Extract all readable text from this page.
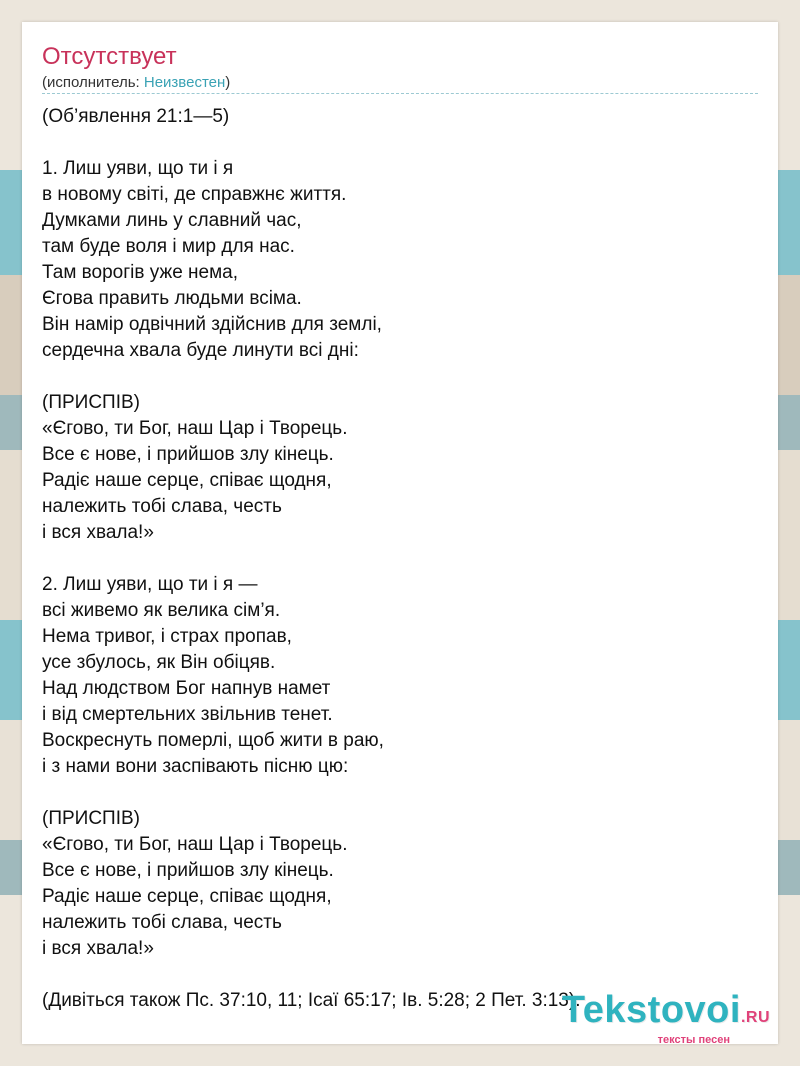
Отсутствует
(исполнитель: Неизвестен)

(Об’явлення 21:1—5)

1. Лиш уяви, що ти і я
в новому світі, де справжнє життя.
Думками линь у славний час,
там буде воля і мир для нас.
Там ворогів уже нема,
Єгова править людьми всіма.
Він намір одвічний здійснив для землі,
сердечна хвала буде линути всі дні:

(ПРИСПІВ)
«Єгово, ти Бог, наш Цар і Творець.
Все є нове, і прийшов злу кінець.
Радіє наше серце, співає щодня,
належить тобі слава, честь
і вся хвала!»

2. Лиш уяви, що ти і я —
всі живемо як велика сім’я.
Нема тривог, і страх пропав,
усе збулось, як Він обіцяв.
Над людством Бог напнув намет
і від смертельних звільнив тенет.
Воскреснуть померлі, щоб жити в раю,
і з нами вони заспівають пісню цю:

(ПРИСПІВ)
«Єгово, ти Бог, наш Цар і Творець.
Все є нове, і прийшов злу кінець.
Радіє наше серце, співає щодня,
належить тобі слава, честь
і вся хвала!»

(Дивіться також Пс. 37:10, 11; Ісаї 65:17; Ів. 5:28; 2 Пет. 3:13).

Tekstovoi.RU
тексты песен
